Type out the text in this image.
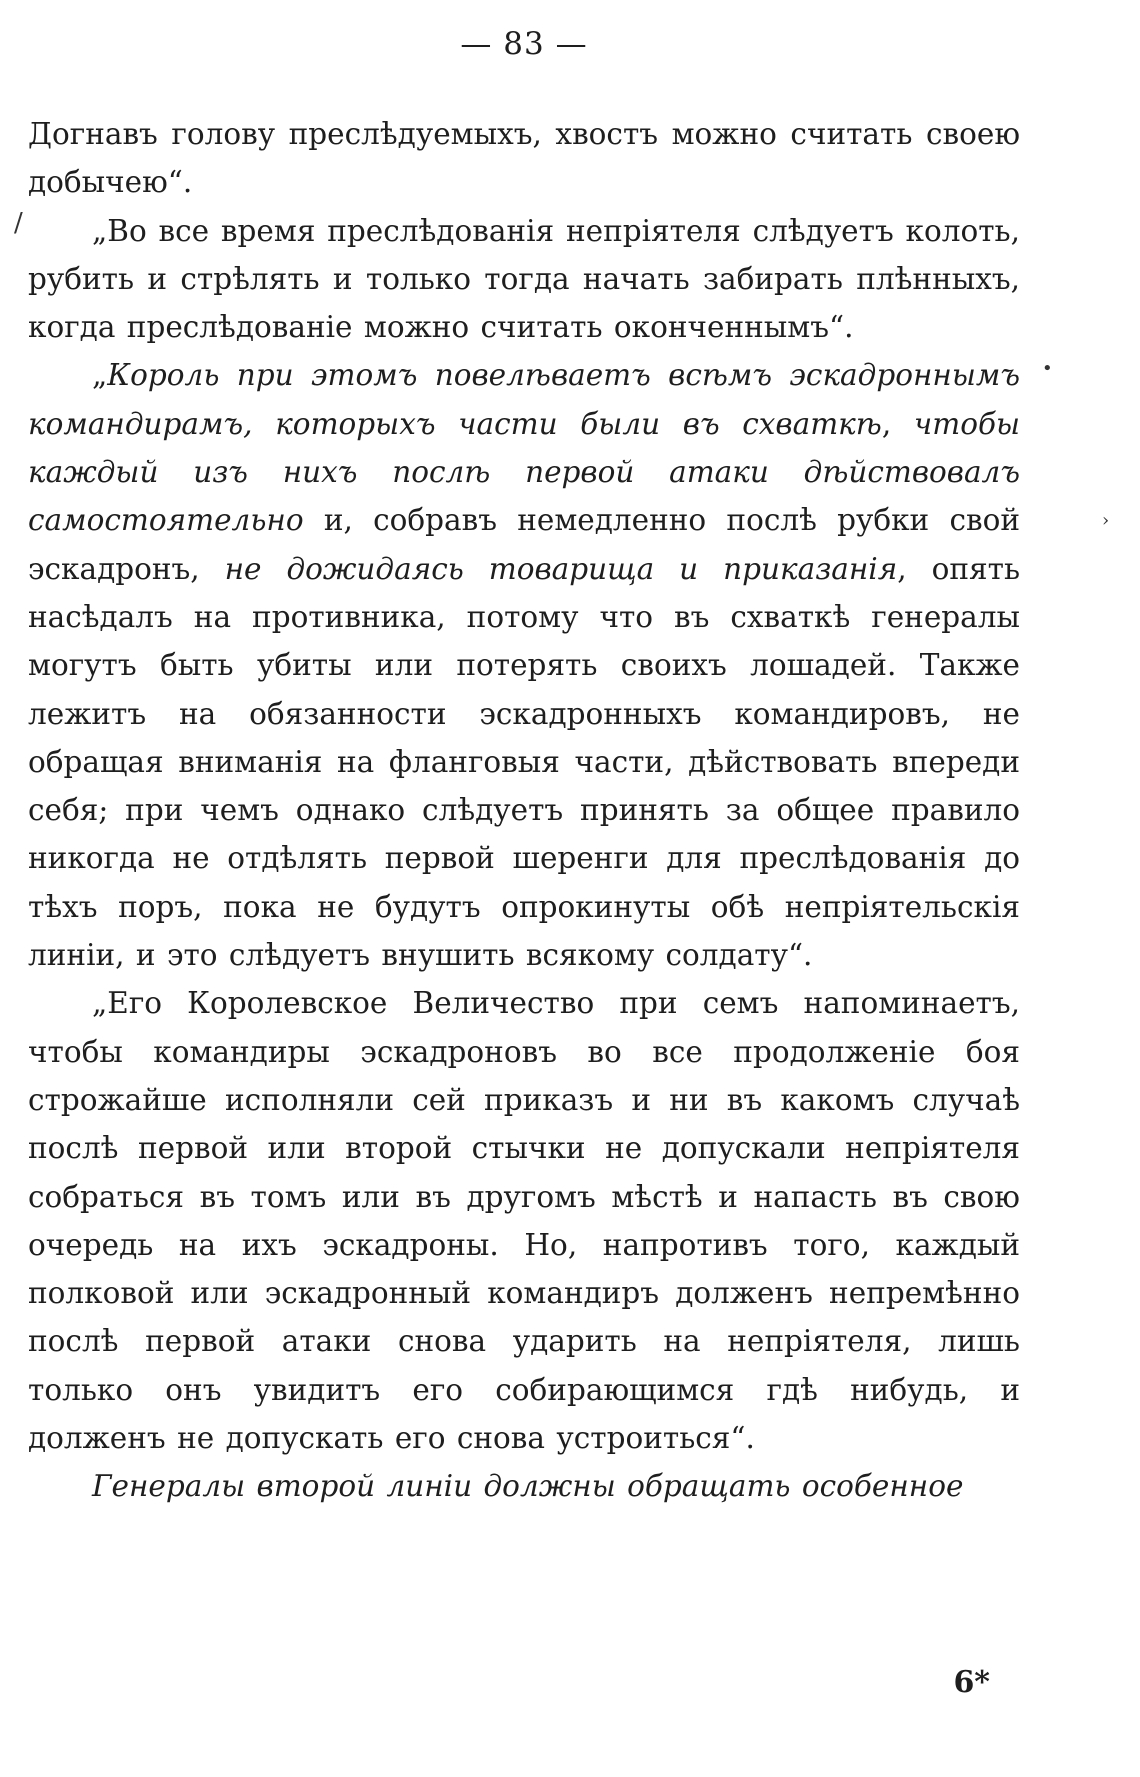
— 83 —

Догнавъ голову преслѣдуемыхъ, хвостъ можно считать своею добычею“.

„Во все время преслѣдованія непріятеля слѣдуетъ колоть, рубить и стрѣлять и только тогда начать забирать плѣнныхъ, когда преслѣдованіе можно считать оконченнымъ“.

„Король при этомъ повелѣваетъ всѣмъ эскадроннымъ командирамъ, которыхъ части были въ схваткѣ, чтобы каждый изъ нихъ послѣ первой атаки дѣйствовалъ самостоятельно и, собравъ немедленно послѣ рубки свой эскадронъ, не дожидаясь товарища и приказанія, опять насѣдалъ на противника, потому что въ схваткѣ генералы могутъ быть убиты или потерять своихъ лошадей. Также лежитъ на обязанности эскадронныхъ командировъ, не обращая вниманія на фланговыя части, дѣйствовать впереди себя; при чемъ однако слѣдуетъ принять за общее правило никогда не отдѣлять первой шеренги для преслѣдованія до тѣхъ поръ, пока не будутъ опрокинуты обѣ непріятельскія линіи, и это слѣдуетъ внушить всякому солдату“.

„Его Королевское Величество при семъ напоминаетъ, чтобы командиры эскадроновъ во все продолженіе боя строжайше исполняли сей приказъ и ни въ какомъ случаѣ послѣ первой или второй стычки не допускали непріятеля собраться въ томъ или въ другомъ мѣстѣ и напасть въ свою очередь на ихъ эскадроны. Но, напротивъ того, каждый полковой или эскадронный командиръ долженъ непремѣнно послѣ первой атаки снова ударить на непріятеля, лишь только онъ увидитъ его собирающимся гдѣ нибудь, и долженъ не допускать его снова устроиться“.

Генералы второй линіи должны обращать особенное

/
•
›
6*
